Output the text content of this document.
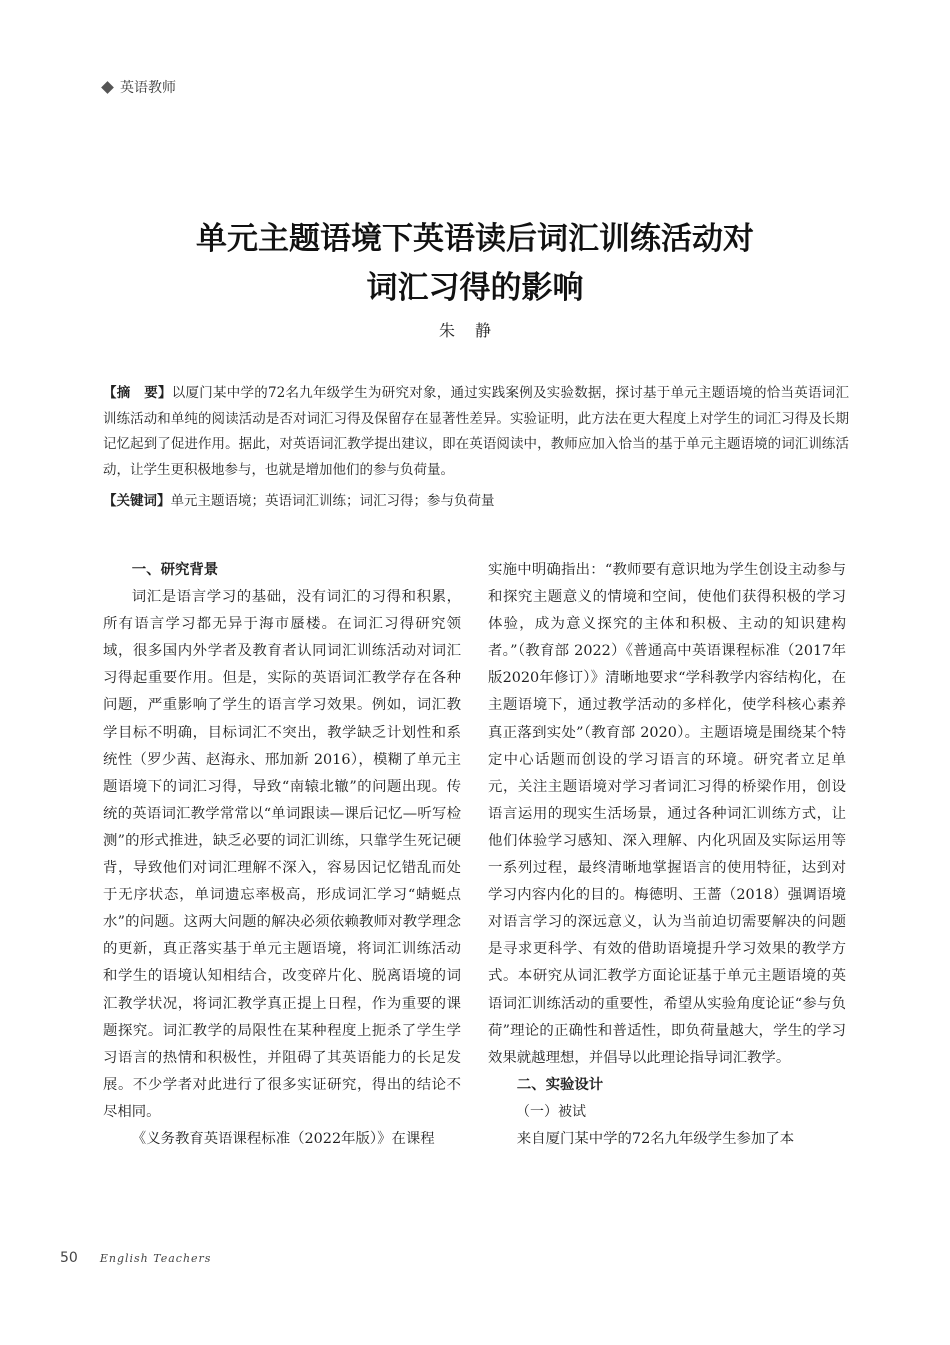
英语教师
单元主题语境下英语读后词汇训练活动对
词汇习得的影响
朱静
【摘　要】以厦门某中学的72名九年级学生为研究对象，通过实践案例及实验数据，探讨基于单元主题语境的恰当英语词汇训练活动和单纯的阅读活动是否对词汇习得及保留存在显著性差异。实验证明，此方法在更大程度上对学生的词汇习得及长期记忆起到了促进作用。据此，对英语词汇教学提出建议，即在英语阅读中，教师应加入恰当的基于单元主题语境的词汇训练活动，让学生更积极地参与，也就是增加他们的参与负荷量。
【关键词】单元主题语境；英语词汇训练；词汇习得；参与负荷量
一、研究背景

词汇是语言学习的基础，没有词汇的习得和积累，所有语言学习都无异于海市蜃楼。在词汇习得研究领域，很多国内外学者及教育者认同词汇训练活动对词汇习得起重要作用。但是，实际的英语词汇教学存在各种问题，严重影响了学生的语言学习效果。例如，词汇教学目标不明确，目标词汇不突出，教学缺乏计划性和系统性（罗少茜、赵海永、邢加新 2016），模糊了单元主题语境下的词汇习得，导致“南辕北辙”的问题出现。传统的英语词汇教学常常以“单词跟读—课后记忆—听写检测”的形式推进，缺乏必要的词汇训练，只靠学生死记硬背，导致他们对词汇理解不深入，容易因记忆错乱而处于无序状态，单词遗忘率极高，形成词汇学习“蜻蜓点水”的问题。这两大问题的解决必须依赖教师对教学理念的更新，真正落实基于单元主题语境，将词汇训练活动和学生的语境认知相结合，改变碎片化、脱离语境的词汇教学状况，将词汇教学真正提上日程，作为重要的课题探究。词汇教学的局限性在某种程度上扼杀了学生学习语言的热情和积极性，并阻碍了其英语能力的长足发展。不少学者对此进行了很多实证研究，得出的结论不尽相同。

《义务教育英语课程标准（2022年版）》在课程

实施中明确指出：“教师要有意识地为学生创设主动参与和探究主题意义的情境和空间，使他们获得积极的学习体验，成为意义探究的主体和积极、主动的知识建构者。”（教育部 2022）《普通高中英语课程标准（2017年版2020年修订）》清晰地要求“学科教学内容结构化，在主题语境下，通过教学活动的多样化，使学科核心素养真正落到实处”（教育部 2020）。主题语境是围绕某个特定中心话题而创设的学习语言的环境。研究者立足单元，关注主题语境对学习者词汇习得的桥梁作用，创设语言运用的现实生活场景，通过各种词汇训练方式，让他们体验学习感知、深入理解、内化巩固及实际运用等一系列过程，最终清晰地掌握语言的使用特征，达到对学习内容内化的目的。梅德明、王蔷（2018）强调语境对语言学习的深远意义，认为当前迫切需要解决的问题是寻求更科学、有效的借助语境提升学习效果的教学方式。本研究从词汇教学方面论证基于单元主题语境的英语词汇训练活动的重要性，希望从实验角度论证“参与负荷”理论的正确性和普适性，即负荷量越大，学生的学习效果就越理想，并倡导以此理论指导词汇教学。

二、实验设计
（一）被试

来自厦门某中学的72名九年级学生参加了本

50 English Teachers
